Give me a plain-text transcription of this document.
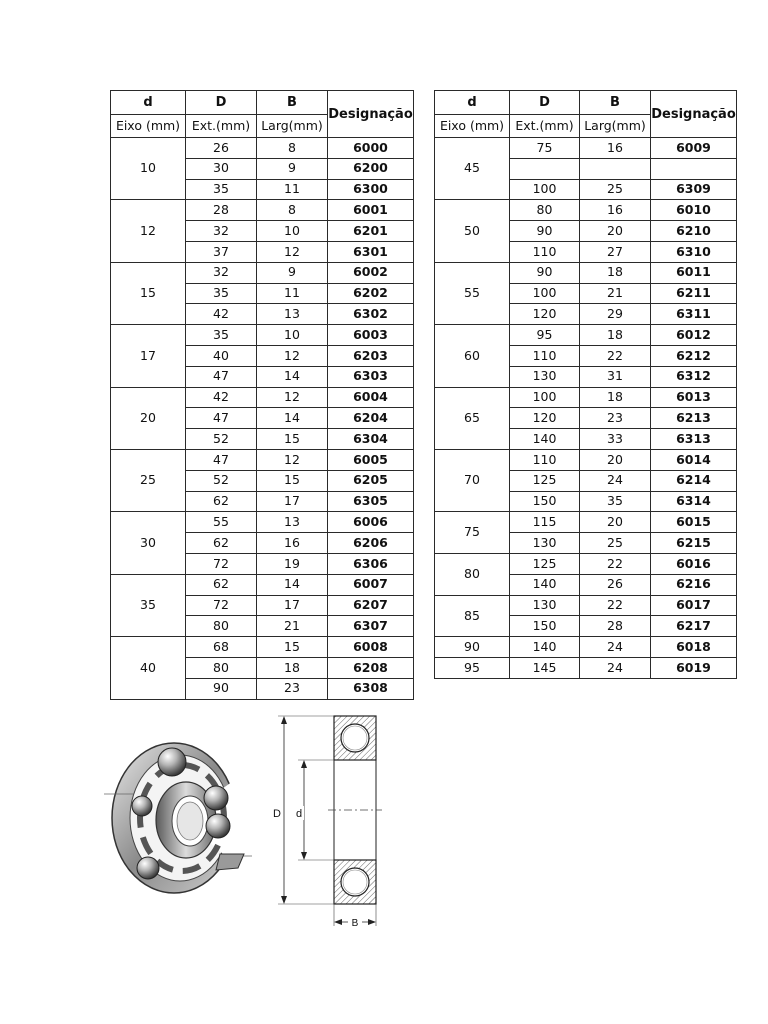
d	D	B	Designação
Eixo (mm)	Ext.(mm)	Larg(mm)	
10	26	8	6000
	30	9	6200
	35	11	6300
12	28	8	6001
	32	10	6201
	37	12	6301
15	32	9	6002
	35	11	6202
	42	13	6302
17	35	10	6003
	40	12	6203
	47	14	6303
20	42	12	6004
	47	14	6204
	52	15	6304
25	47	12	6005
	52	15	6205
	62	17	6305
30	55	13	6006
	62	16	6206
	72	19	6306
35	62	14	6007
	72	17	6207
	80	21	6307
40	68	15	6008
	80	18	6208
	90	23	6308
d	D	B	Designação
Eixo (mm)	Ext.(mm)	Larg(mm)	
45	75	16	6009

	100	25	6309
50	80	16	6010
	90	20	6210
	110	27	6310
55	90	18	6011
	100	21	6211
	120	29	6311
60	95	18	6012
	110	22	6212
	130	31	6312
65	100	18	6013
	120	23	6213
	140	33	6313
70	110	20	6014
	125	24	6214
	150	35	6314
75	115	20	6015
	130	25	6215
80	125	22	6016
	140	26	6216
85	130	22	6017
	150	28	6217
90	140	24	6018
95	145	24	6019
D d
B
